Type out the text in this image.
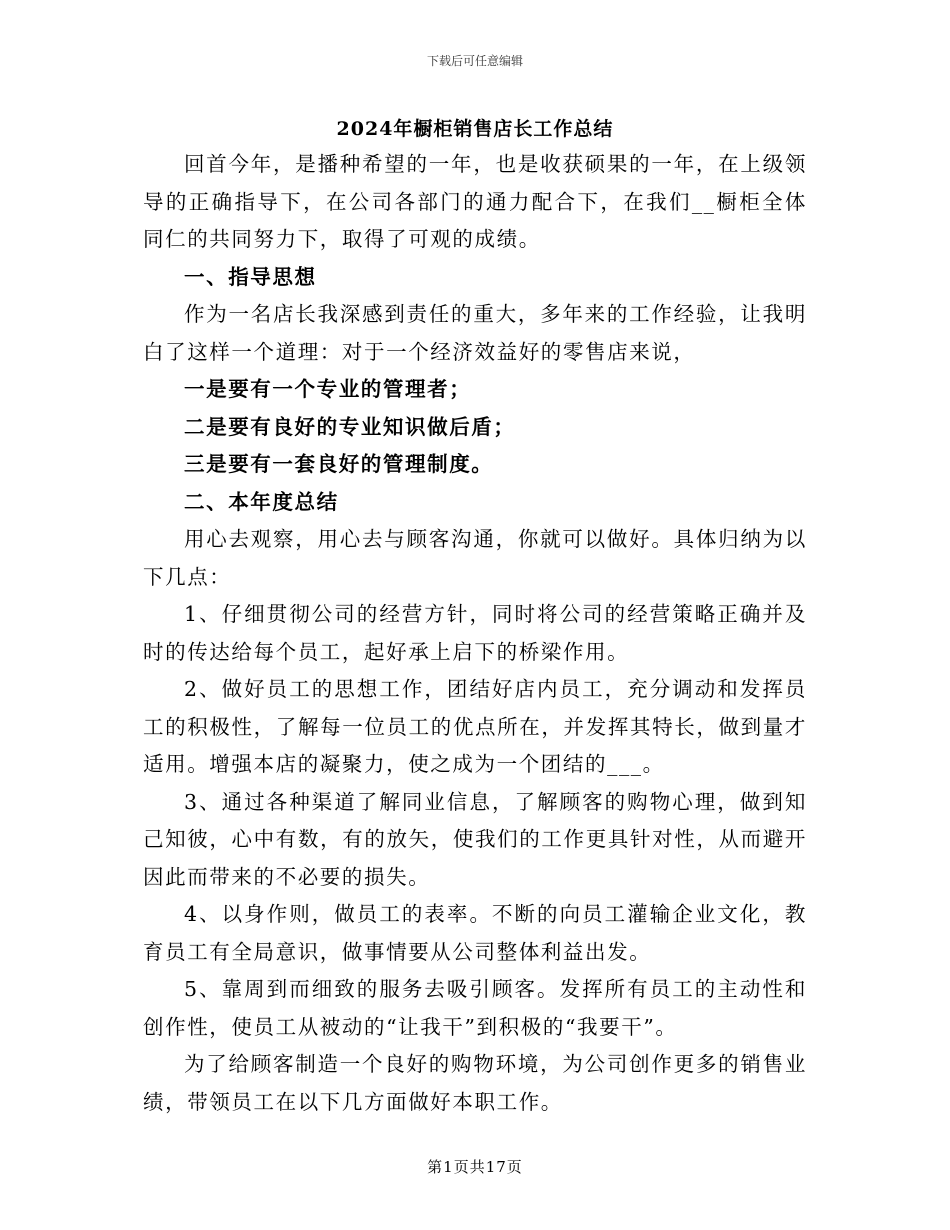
下载后可任意编辑
2024年橱柜销售店长工作总结

回首今年，是播种希望的一年，也是收获硕果的一年，在上级领导的正确指导下，在公司各部门的通力配合下，在我们__橱柜全体同仁的共同努力下，取得了可观的成绩。

一、指导思想

作为一名店长我深感到责任的重大，多年来的工作经验，让我明白了这样一个道理：对于一个经济效益好的零售店来说，

一是要有一个专业的管理者；

二是要有良好的专业知识做后盾；

三是要有一套良好的管理制度。

二、本年度总结

用心去观察，用心去与顾客沟通，你就可以做好。具体归纳为以下几点：

1、仔细贯彻公司的经营方针，同时将公司的经营策略正确并及时的传达给每个员工，起好承上启下的桥梁作用。

2、做好员工的思想工作，团结好店内员工，充分调动和发挥员工的积极性，了解每一位员工的优点所在，并发挥其特长，做到量才适用。增强本店的凝聚力，使之成为一个团结的___。

3、通过各种渠道了解同业信息，了解顾客的购物心理，做到知己知彼，心中有数，有的放矢，使我们的工作更具针对性，从而避开因此而带来的不必要的损失。

4、以身作则，做员工的表率。不断的向员工灌输企业文化，教育员工有全局意识，做事情要从公司整体利益出发。

5、靠周到而细致的服务去吸引顾客。发挥所有员工的主动性和创作性，使员工从被动的“让我干”到积极的“我要干”。

为了给顾客制造一个良好的购物环境，为公司创作更多的销售业绩，带领员工在以下几方面做好本职工作。

第1页共17页
